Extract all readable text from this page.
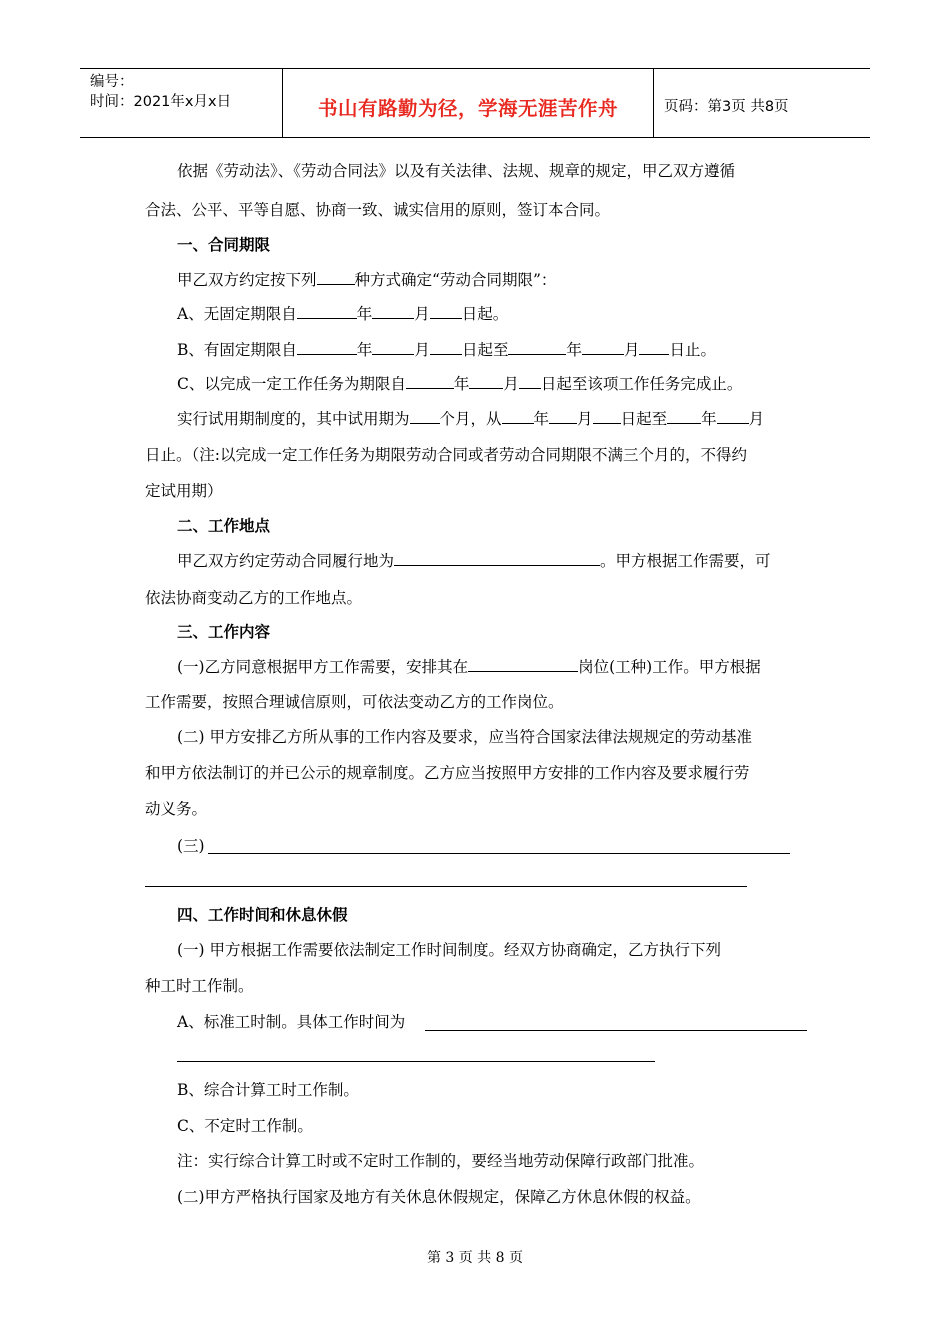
编号：
时间：2021年x月x日	书山有路勤为径，学海无涯苦作舟	页码：第3页 共8页
依据《劳动法》、《劳动合同法》以及有关法律、法规、规章的规定，甲乙双方遵循
合法、公平、平等自愿、协商一致、诚实信用的原则，签订本合同。
一、合同期限
甲乙双方约定按下列 种方式确定“劳动合同期限”：
A、无固定期限自	年	月 日起。
B、有固定期限自	年	月 日起至	年	月 日止。
C、以完成一定工作任务为期限自	年 月 日起至该项工作任务完成止。
实行试用期制度的，其中试用期为 个月，从 年 月 日起至 年 月
日止。（注:以完成一定工作任务为期限劳动合同或者劳动合同期限不满三个月的，不得约
定试用期）
二、工作地点
甲乙双方约定劳动合同履行地为	。甲方根据工作需要，可
依法协商变动乙方的工作地点。
三、工作内容
(一)乙方同意根据甲方工作需要，安排其在	岗位(工种)工作。甲方根据
工作需要，按照合理诚信原则，可依法变动乙方的工作岗位。
(二) 甲方安排乙方所从事的工作内容及要求，应当符合国家法律法规规定的劳动基准
和甲方依法制订的并已公示的规章制度。乙方应当按照甲方安排的工作内容及要求履行劳
动义务。
(三)
四、工作时间和休息休假
(一) 甲方根据工作需要依法制定工作时间制度。经双方协商确定，乙方执行下列
种工时工作制。
A、标准工时制。具体工作时间为
B、综合计算工时工作制。
C、不定时工作制。
注：实行综合计算工时或不定时工作制的，要经当地劳动保障行政部门批准。
(二)甲方严格执行国家及地方有关休息休假规定，保障乙方休息休假的权益。
第 3 页 共 8 页
